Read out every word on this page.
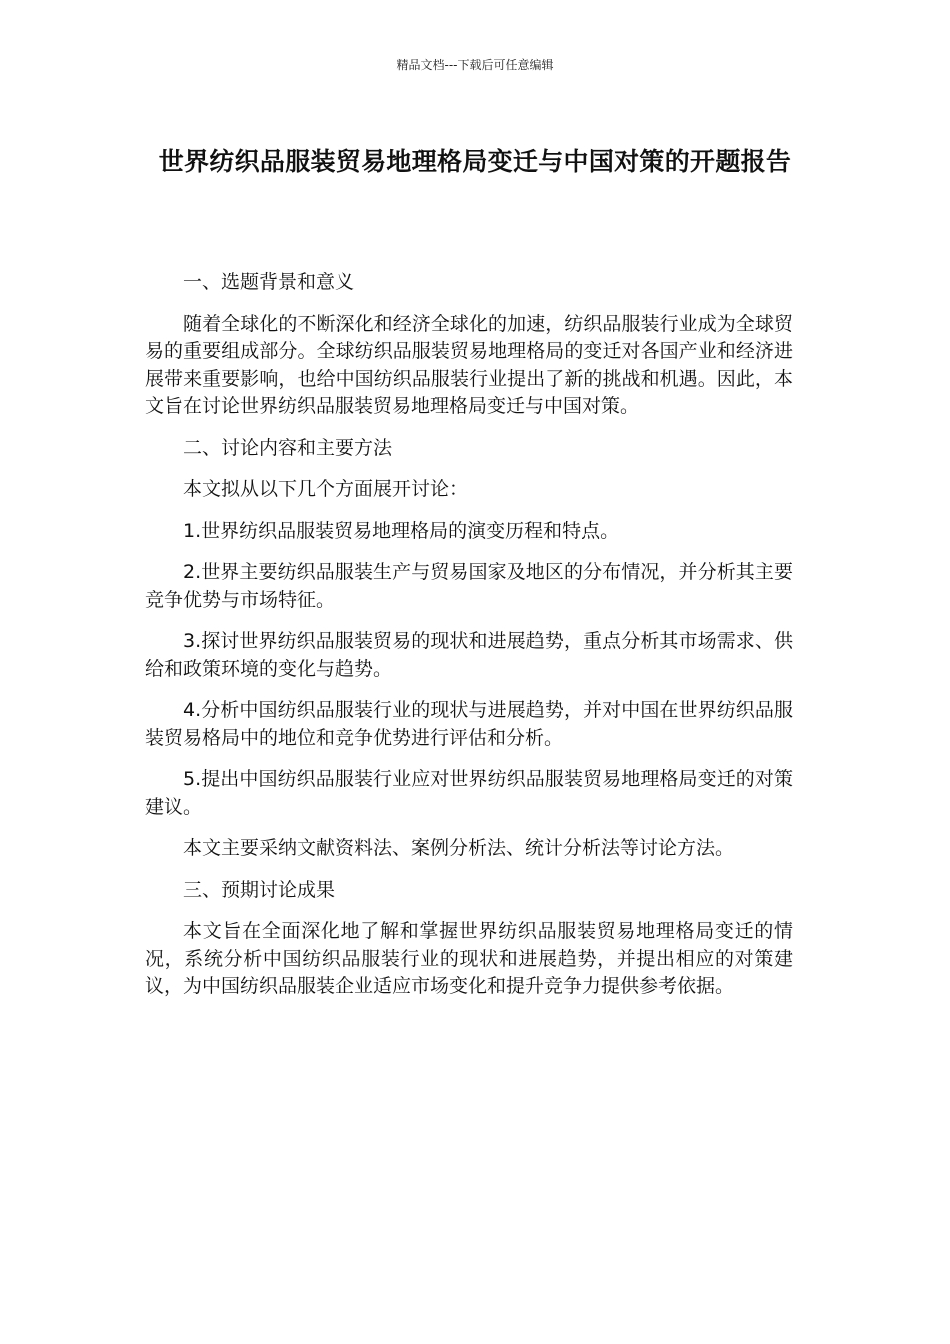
精品文档---下载后可任意编辑
世界纺织品服装贸易地理格局变迁与中国对策的开题报告

一、选题背景和意义

随着全球化的不断深化和经济全球化的加速，纺织品服装行业成为全球贸易的重要组成部分。全球纺织品服装贸易地理格局的变迁对各国产业和经济进展带来重要影响，也给中国纺织品服装行业提出了新的挑战和机遇。因此，本文旨在讨论世界纺织品服装贸易地理格局变迁与中国对策。

二、讨论内容和主要方法

本文拟从以下几个方面展开讨论：

1.世界纺织品服装贸易地理格局的演变历程和特点。

2.世界主要纺织品服装生产与贸易国家及地区的分布情况，并分析其主要竞争优势与市场特征。

3.探讨世界纺织品服装贸易的现状和进展趋势，重点分析其市场需求、供给和政策环境的变化与趋势。

4.分析中国纺织品服装行业的现状与进展趋势，并对中国在世界纺织品服装贸易格局中的地位和竞争优势进行评估和分析。

5.提出中国纺织品服装行业应对世界纺织品服装贸易地理格局变迁的对策建议。

本文主要采纳文献资料法、案例分析法、统计分析法等讨论方法。

三、预期讨论成果

本文旨在全面深化地了解和掌握世界纺织品服装贸易地理格局变迁的情况，系统分析中国纺织品服装行业的现状和进展趋势，并提出相应的对策建议，为中国纺织品服装企业适应市场变化和提升竞争力提供参考依据。
